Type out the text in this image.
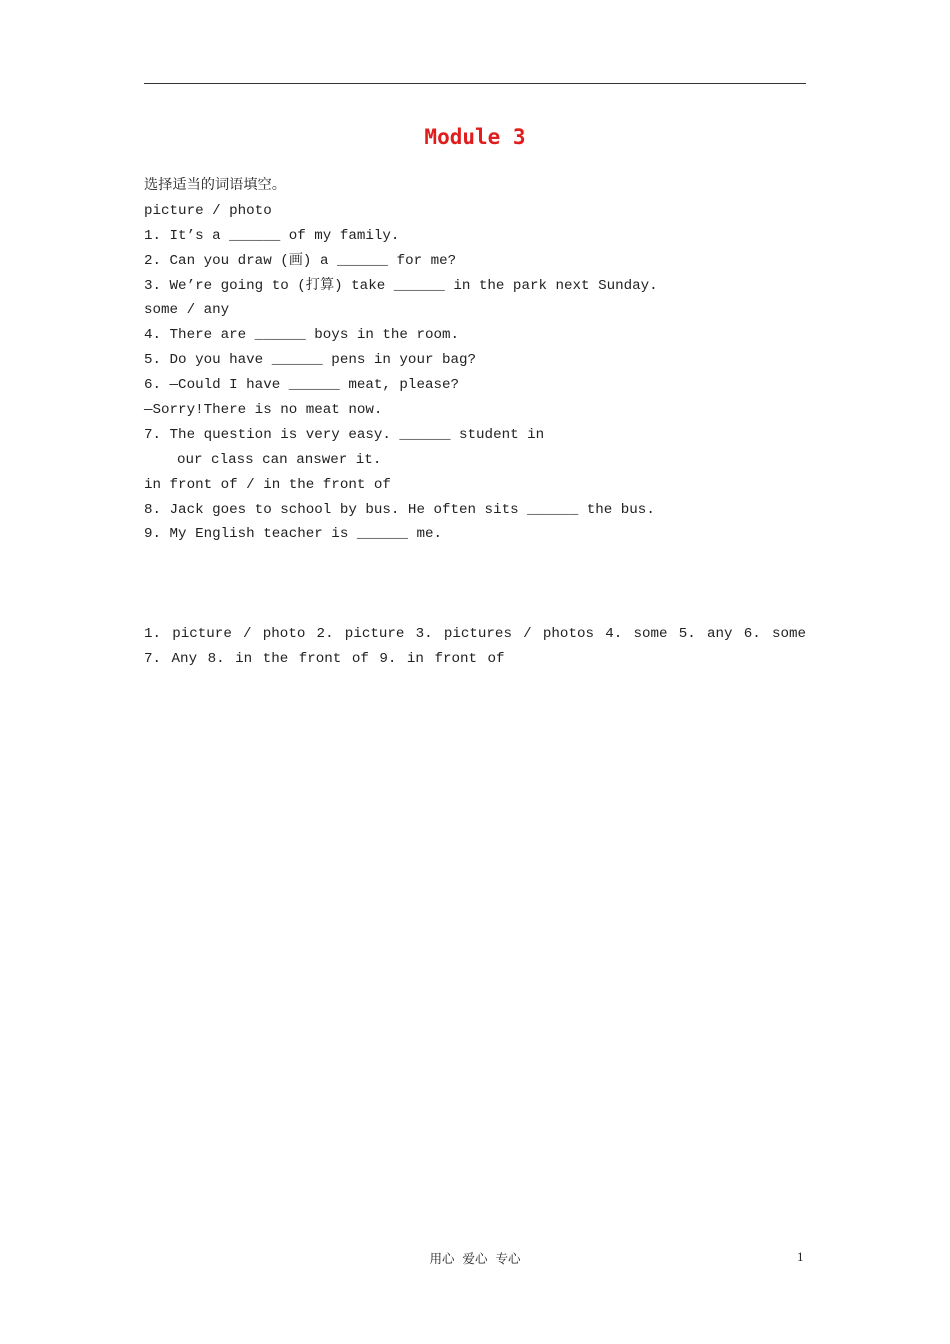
Module 3
选择适当的词语填空。
picture / photo
1. It’s a ______ of my family.
2. Can you draw (画) a ______ for me?
3. We’re going to (打算) take ______ in the park next Sunday.
some / any
4. There are ______ boys in the room.
5. Do you have ______ pens in your bag?
6. —Could I have ______ meat, please?
—Sorry!There is no meat now.
7. The question is very easy. ______ student in
our class can answer it.
in front of / in the front of
8. Jack goes to school by bus. He often sits ______ the bus.
9. My English teacher is ______ me.
1. picture / photo 2. picture 3. pictures / photos 4. some 5. any 6. some 7. Any 8. in the front of 9. in front of
用心 爱心 专心	1
